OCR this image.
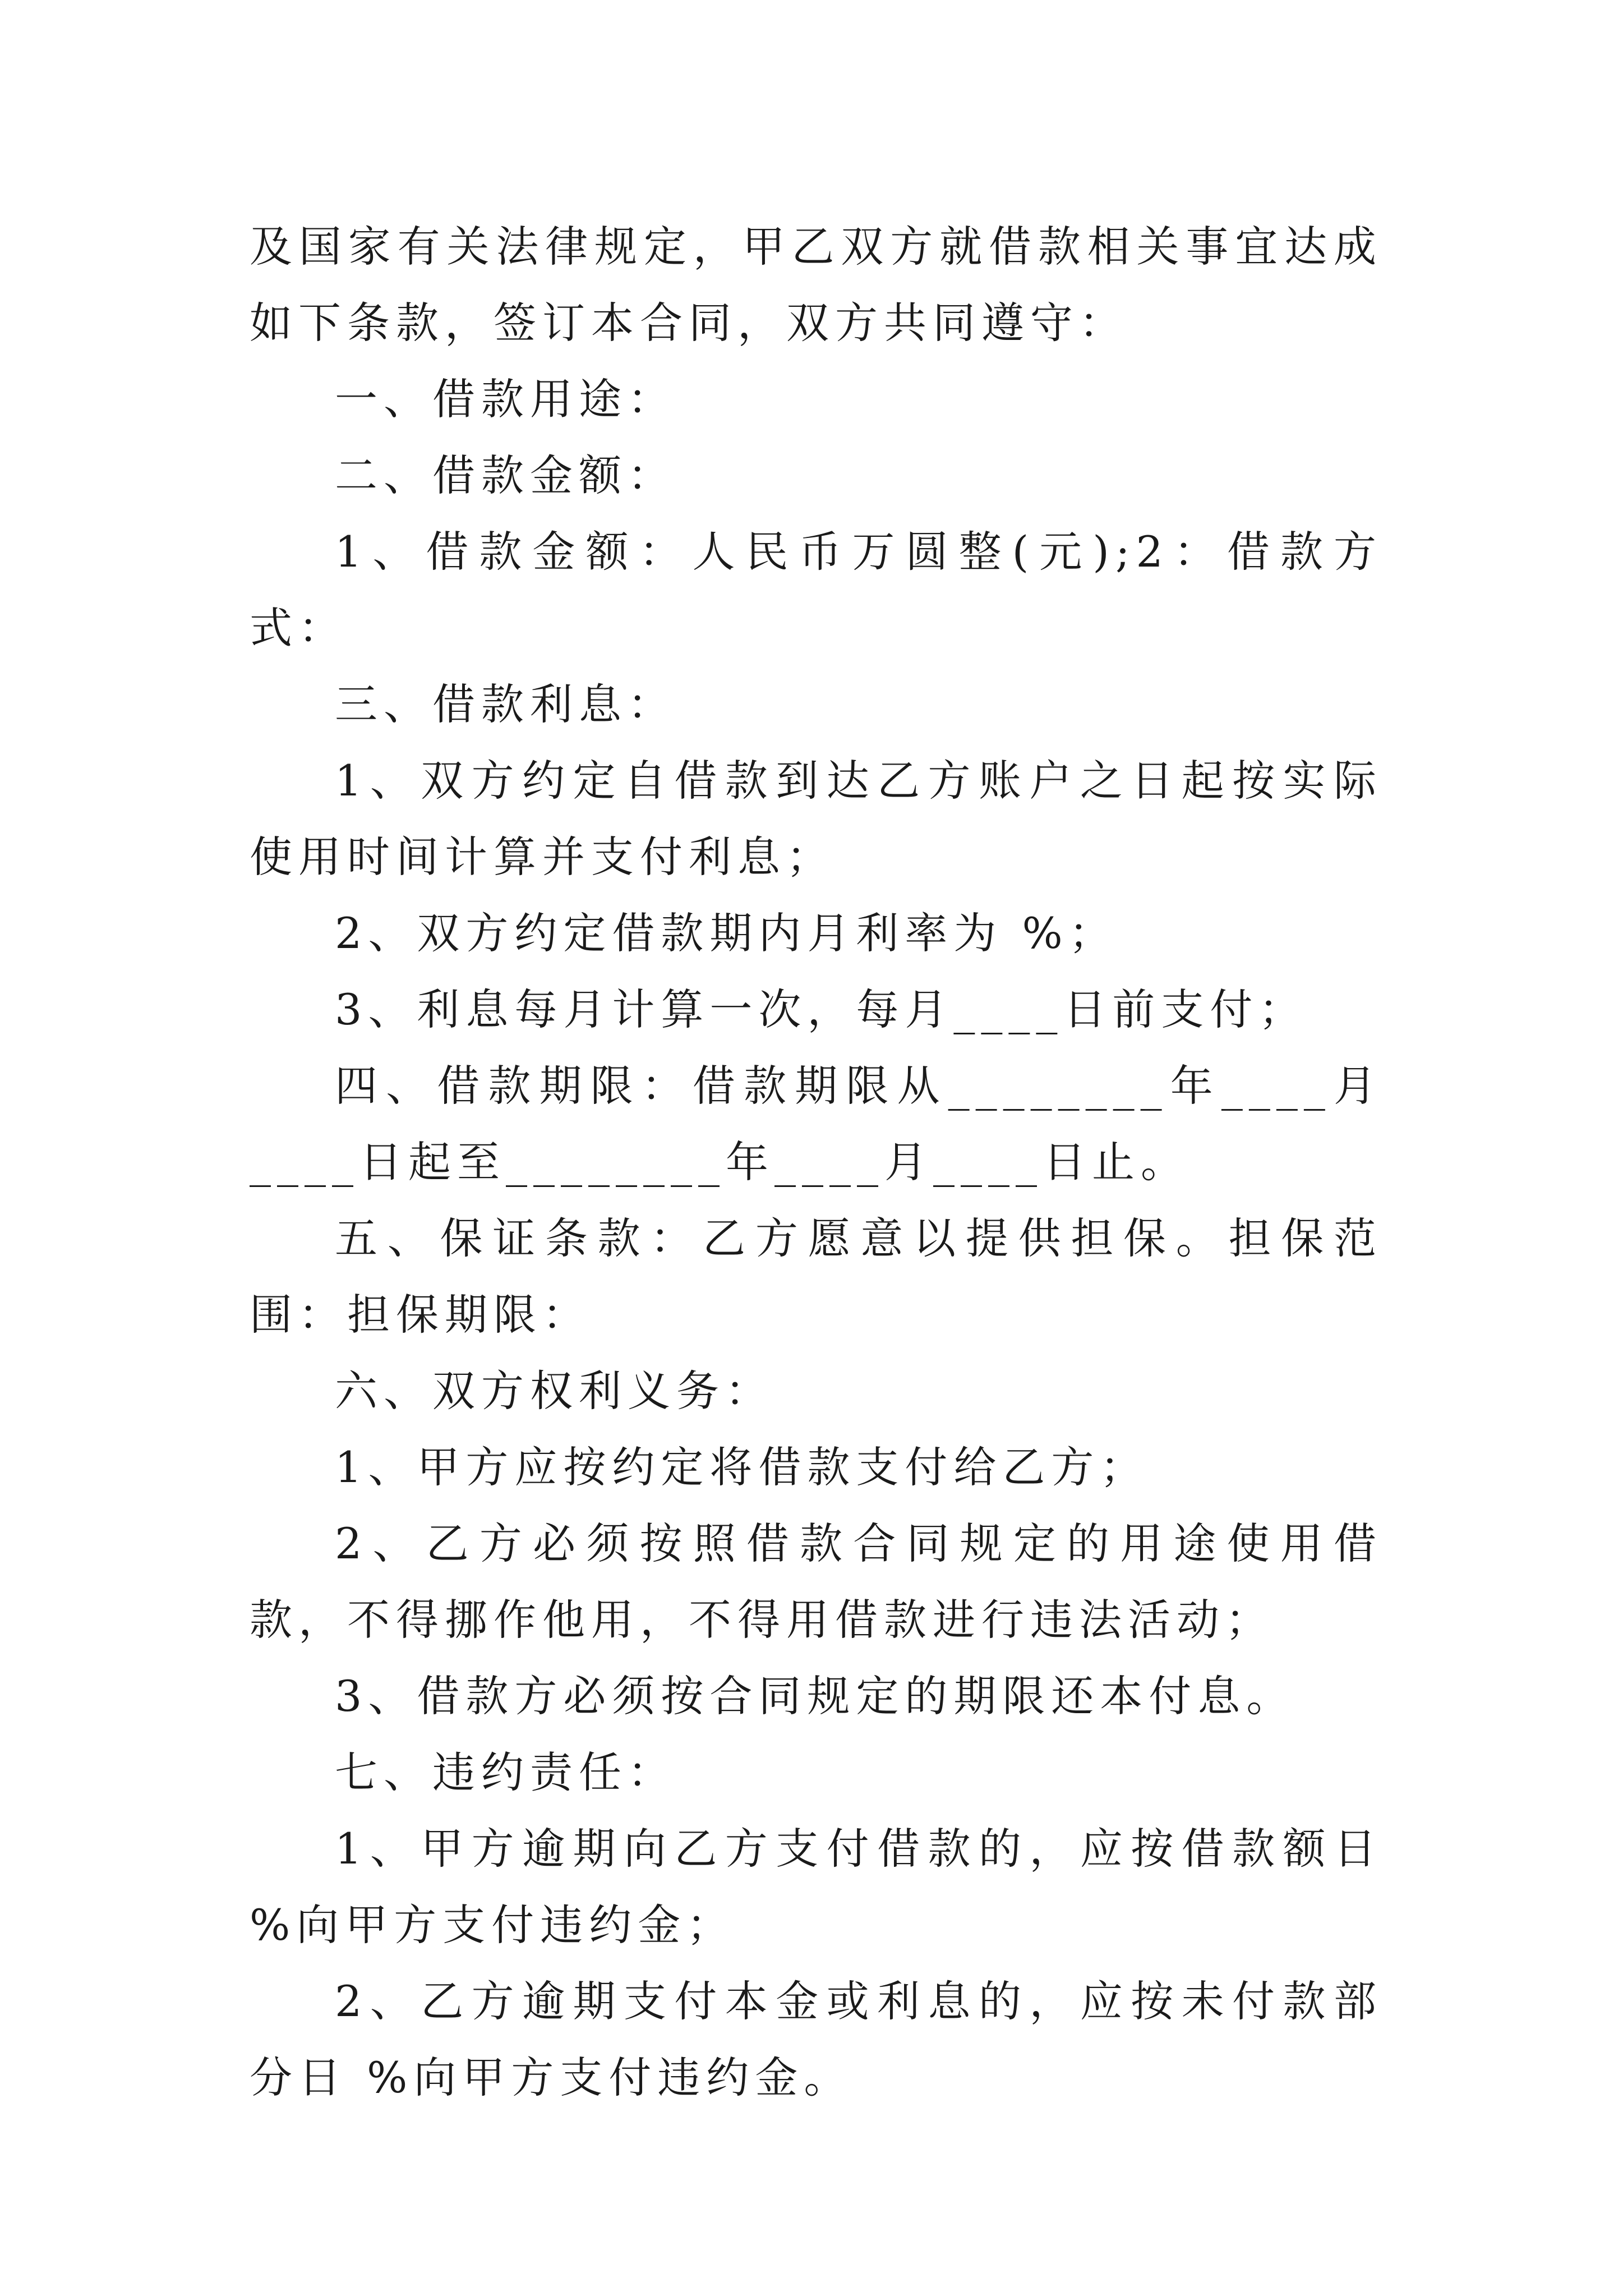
及国家有关法律规定，甲乙双方就借款相关事宜达成如下条款，签订本合同，双方共同遵守：

一、借款用途：

二、借款金额：

1、借款金额：人民币万圆整(元);2：借款方式：

三、借款利息：

1、双方约定自借款到达乙方账户之日起按实际使用时间计算并支付利息；

2、双方约定借款期内月利率为 %；

3、利息每月计算一次，每月____日前支付；

四、借款期限：借款期限从________年____月____日起至________年____月____日止。

五、保证条款：乙方愿意以提供担保。担保范围：担保期限：

六、双方权利义务：

1、甲方应按约定将借款支付给乙方；

2、乙方必须按照借款合同规定的用途使用借款，不得挪作他用，不得用借款进行违法活动；

3、借款方必须按合同规定的期限还本付息。

七、违约责任：

1、甲方逾期向乙方支付借款的，应按借款额日 %向甲方支付违约金；

2、乙方逾期支付本金或利息的，应按未付款部分日 %向甲方支付违约金。
